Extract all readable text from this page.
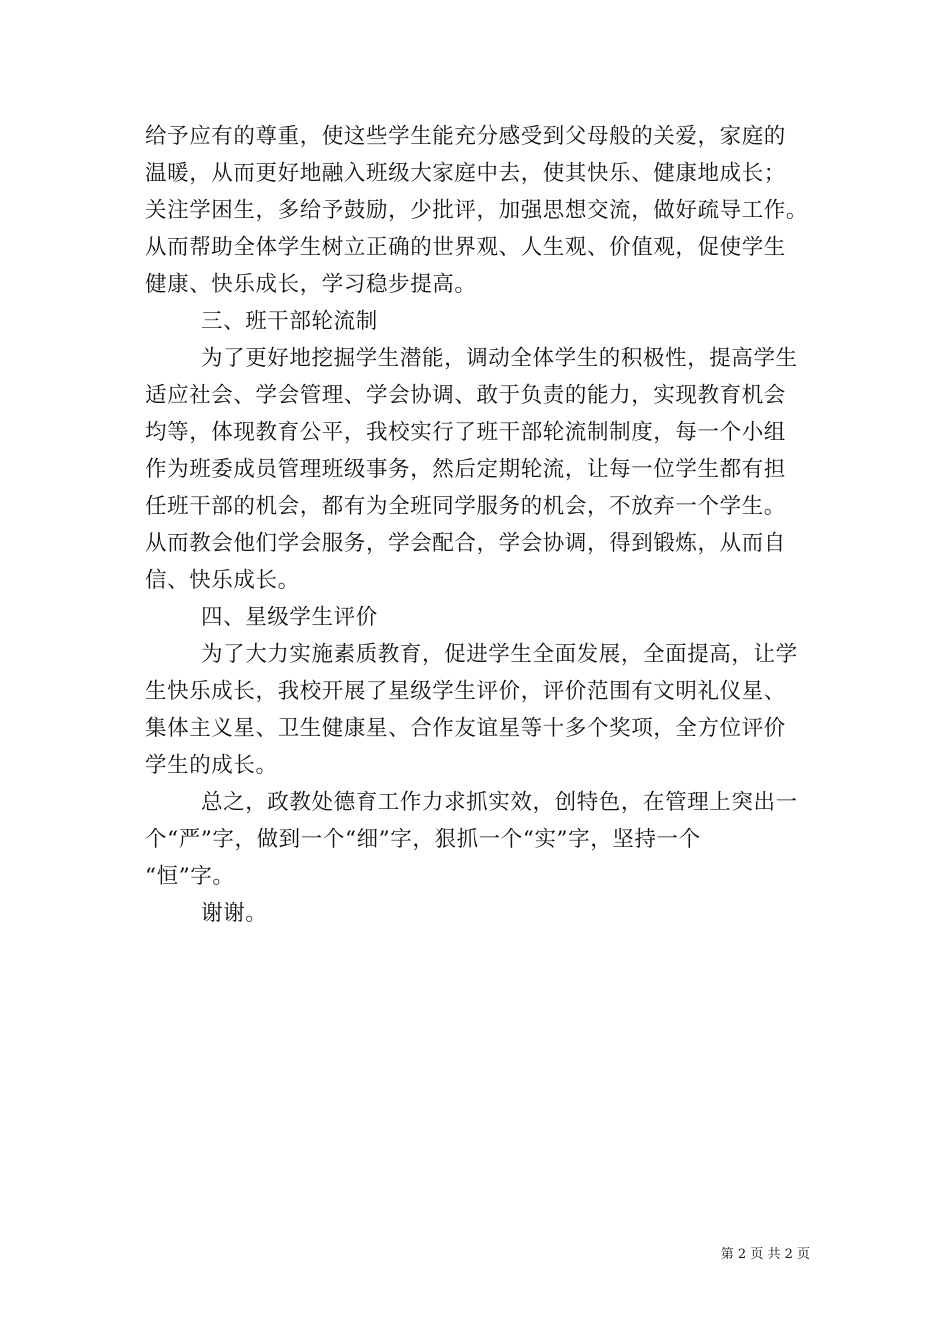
给予应有的尊重，使这些学生能充分感受到父母般的关爱，家庭的
温暖，从而更好地融入班级大家庭中去，使其快乐、健康地成长；
关注学困生，多给予鼓励，少批评，加强思想交流，做好疏导工作。
从而帮助全体学生树立正确的世界观、人生观、价值观，促使学生
健康、快乐成长，学习稳步提高。
三、班干部轮流制
为了更好地挖掘学生潜能，调动全体学生的积极性，提高学生
适应社会、学会管理、学会协调、敢于负责的能力，实现教育机会
均等，体现教育公平，我校实行了班干部轮流制制度，每一个小组
作为班委成员管理班级事务，然后定期轮流，让每一位学生都有担
任班干部的机会，都有为全班同学服务的机会，不放弃一个学生。
从而教会他们学会服务，学会配合，学会协调，得到锻炼，从而自
信、快乐成长。
四、星级学生评价
为了大力实施素质教育，促进学生全面发展，全面提高，让学
生快乐成长，我校开展了星级学生评价，评价范围有文明礼仪星、
集体主义星、卫生健康星、合作友谊星等十多个奖项，全方位评价
学生的成长。
总之，政教处德育工作力求抓实效，创特色，在管理上突出一
个“严”字，做到一个“细”字，狠抓一个“实”字，坚持一个
“恒”字。
谢谢。
第 2 页 共 2 页
